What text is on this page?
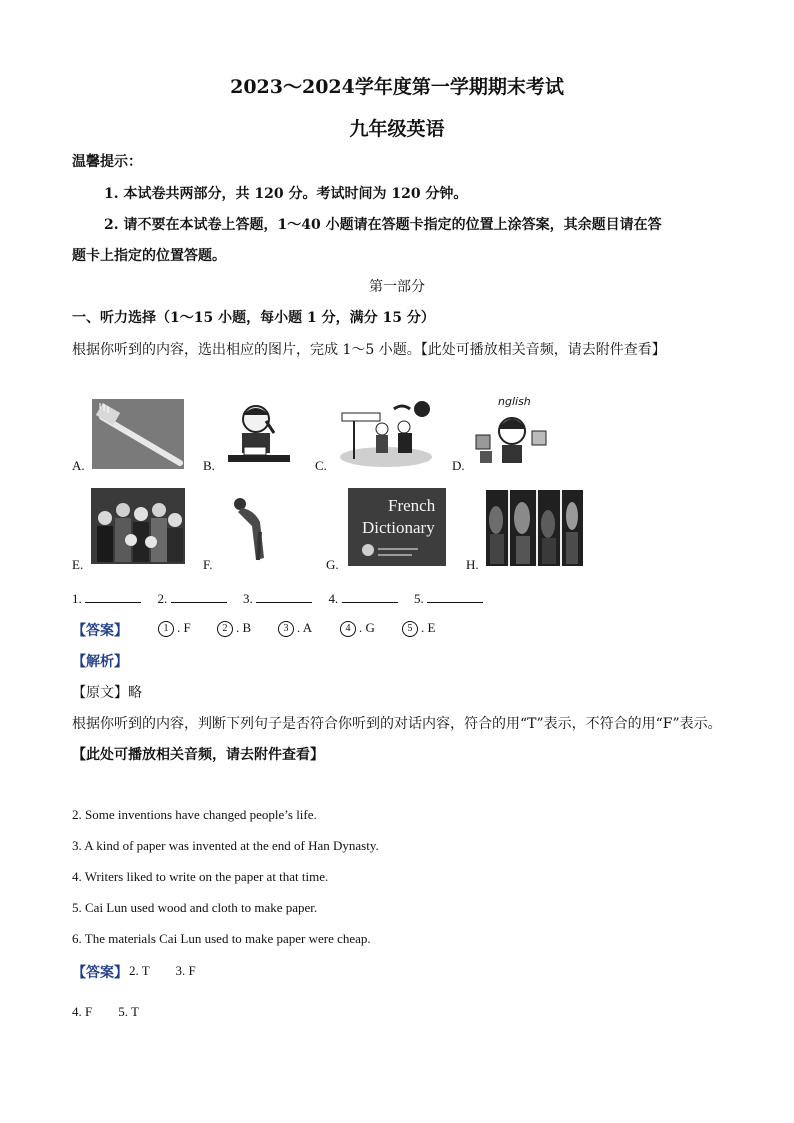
2023～2024学年度第一学期期末考试
九年级英语
温馨提示：
1. 本试卷共两部分，共 120 分。考试时间为 120 分钟。
2. 请不要在本试卷上答题，1～40 小题请在答题卡指定的位置上涂答案，其余题目请在答
题卡上指定的位置答题。
第一部分
一、听力选择（1～15 小题，每小题 1 分，满分 15 分）
根据你听到的内容，选出相应的图片，完成 1～5 小题。【此处可播放相关音频，请去附件查看】
A.	B.	C.	D.
nglish
E.	F.	G.
French
Dictionary
H.
1.	2.	3.	4.	5.
【答案】	1 . F	2 . B	3 . A	4 . G	5 . E
【解析】
【原文】略
根据你听到的内容，判断下列句子是否符合你听到的对话内容，符合的用“T”表示，不符合的用“F”表示。
【此处可播放相关音频，请去附件查看】
2. Some inventions have changed people’s life.
3. A kind of paper was invented at the end of Han Dynasty.
4. Writers liked to write on the paper at that time.
5. Cai Lun used wood and cloth to make paper.
6. The materials Cai Lun used to make paper were cheap.
【答案】 2. T        3. F
4. F        5. T
